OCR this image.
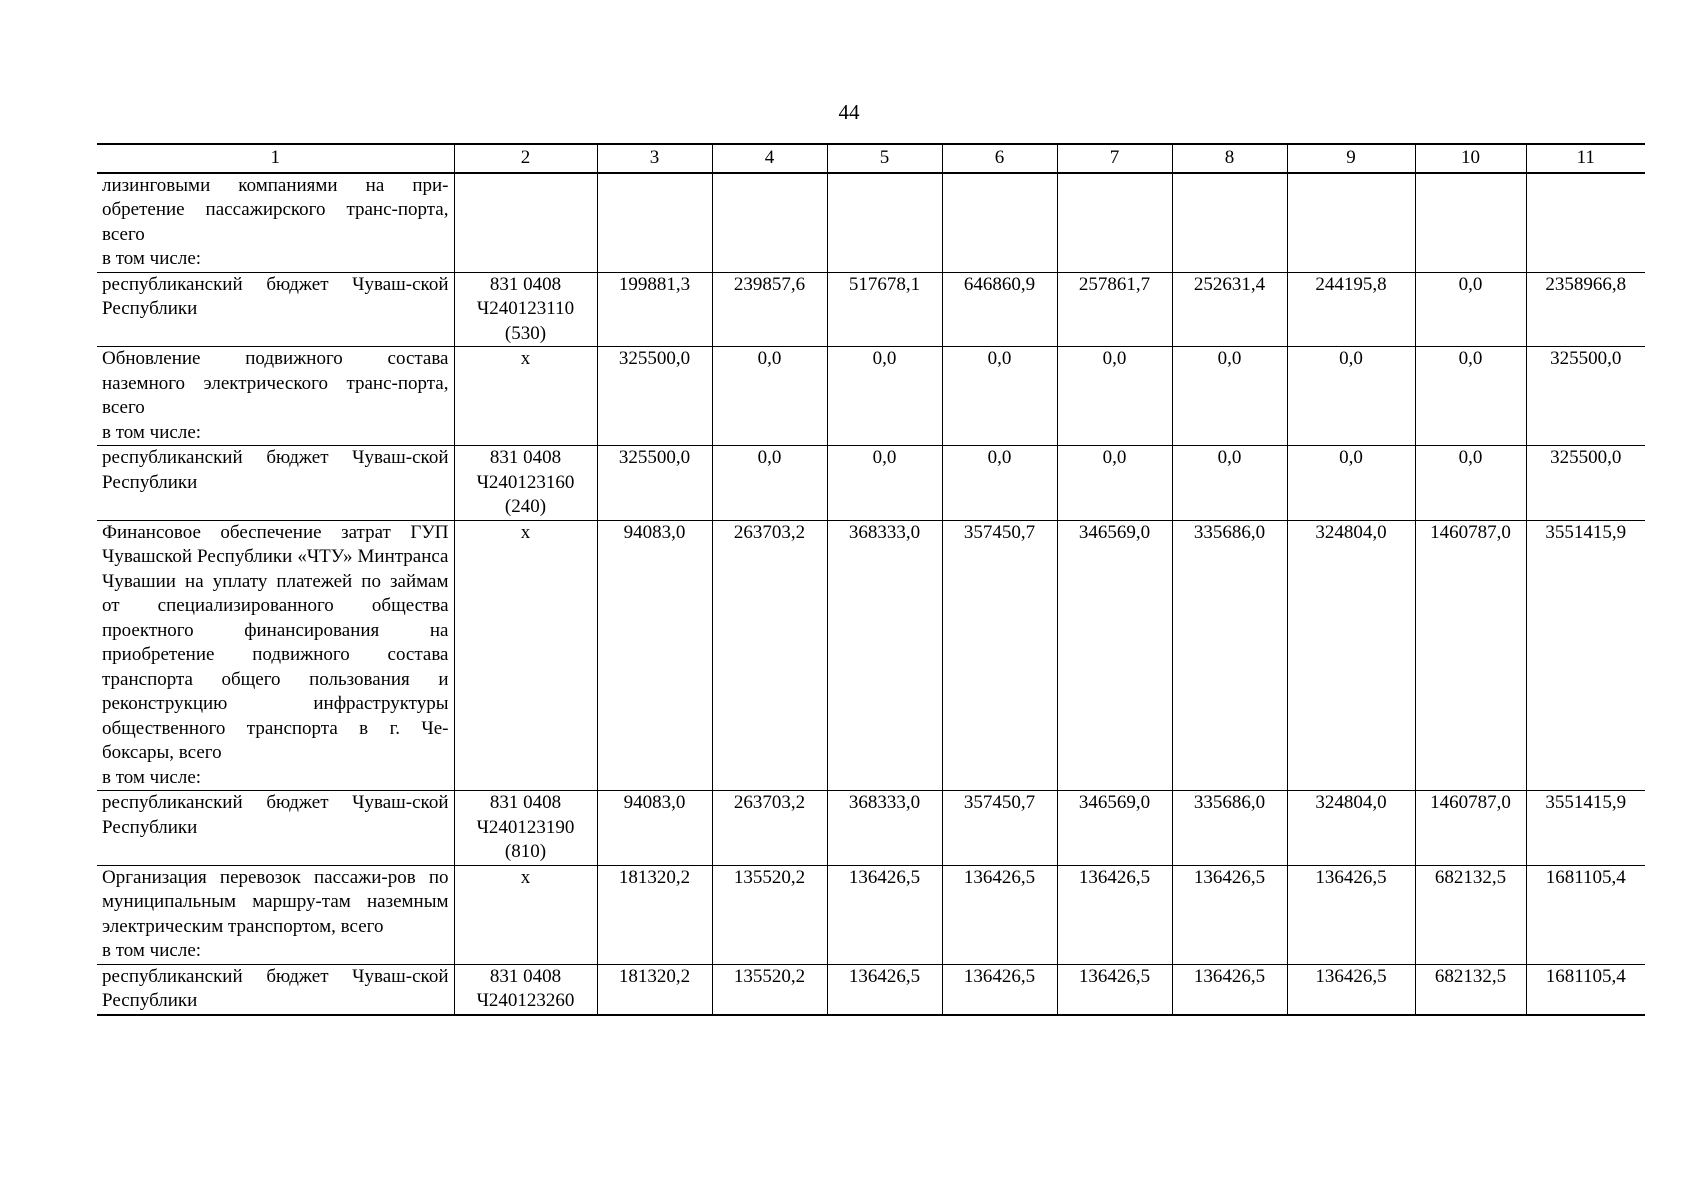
44
1	2	3	4	5	6	7	8	9	10	11

лизинговыми компаниями на при-обретение пассажирского транс-порта, всего
в том числе:										

республиканский бюджет Чуваш-ской Республики	831 0408 Ч240123110 (530)	199881,3	239857,6	517678,1	646860,9	257861,7	252631,4	244195,8	0,0	2358966,8

Обновление подвижного состава наземного электрического транс-порта, всего
в том числе:	х	325500,0	0,0	0,0	0,0	0,0	0,0	0,0	0,0	325500,0

республиканский бюджет Чуваш-ской Республики	831 0408 Ч240123160 (240)	325500,0	0,0	0,0	0,0	0,0	0,0	0,0	0,0	325500,0

Финансовое обеспечение затрат ГУП Чувашской Республики «ЧТУ» Минтранса Чувашии на уплату платежей по займам от специализированного общества проектного финансирования на приобретение подвижного состава транспорта общего пользования и реконструкцию инфраструктуры общественного транспорта в г. Че-боксары, всего
в том числе:	х	94083,0	263703,2	368333,0	357450,7	346569,0	335686,0	324804,0	1460787,0	3551415,9

республиканский бюджет Чуваш-ской Республики	831 0408 Ч240123190 (810)	94083,0	263703,2	368333,0	357450,7	346569,0	335686,0	324804,0	1460787,0	3551415,9

Организация перевозок пассажи-ров по муниципальным маршру-там наземным электрическим транспортом, всего
в том числе:	х	181320,2	135520,2	136426,5	136426,5	136426,5	136426,5	136426,5	682132,5	1681105,4

республиканский бюджет Чуваш-ской Республики	831 0408 Ч240123260	181320,2	135520,2	136426,5	136426,5	136426,5	136426,5	136426,5	682132,5	1681105,4
